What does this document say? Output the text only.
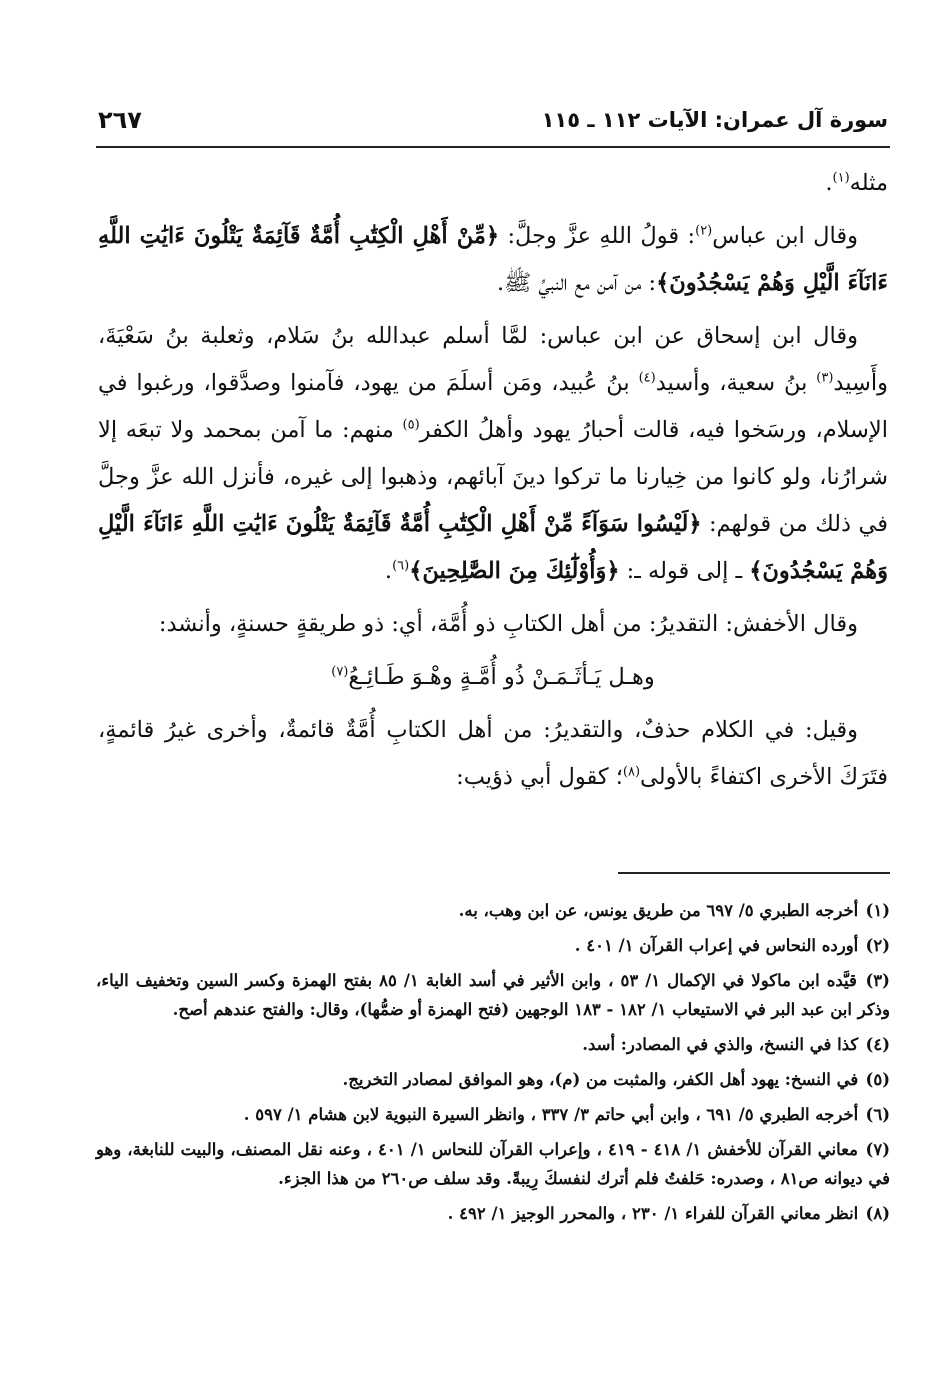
سورة آل عمران: الآيات ١١٢ ـ ١١٥
٢٦٧

مثله$^{(١)}$.

وقال ابن عباس$^{(٢)}$: قولُ اللهِ عزَّ وجلَّ: ﴿مِّنْ أَهْلِ الْكِتَٰبِ أُمَّةٌ قَآئِمَةٌ يَتْلُونَ ءَايَٰتِ اللَّهِ ءَانَآءَ الَّيْلِ وَهُمْ يَسْجُدُونَ﴾: من آمن مع النبيِّ ﷺ.

وقال ابن إسحاق عن ابن عباس: لمَّا أسلم عبدالله بنُ سَلام، وثعلبة بنُ سَعْيَةَ، وأَسِيد$^{(٣)}$ بنُ سعية، وأسيد$^{(٤)}$ بنُ عُبيد، ومَن أسلَمَ من يهود، فآمنوا وصدَّقوا، ورغبوا في الإسلام، ورسَخوا فيه، قالت أحبارُ يهود وأهلُ الكفر$^{(٥)}$ منهم: ما آمن بمحمد ولا تبعَه إلا شرارُنا، ولو كانوا من خِيارنا ما تركوا دينَ آبائهم، وذهبوا إلى غيره، فأنزل الله عزَّ وجلَّ في ذلك من قولهم: ﴿لَيْسُوا سَوَآءً مِّنْ أَهْلِ الْكِتَٰبِ أُمَّةٌ قَآئِمَةٌ يَتْلُونَ ءَايَٰتِ اللَّهِ ءَانَآءَ الَّيْلِ وَهُمْ يَسْجُدُونَ﴾ ـ إلى قوله ـ: ﴿وَأُوْلَٰٓئِكَ مِنَ الصَّٰلِحِينَ﴾$^{(٦)}$.

وقال الأخفش: التقديرُ: من أهل الكتابِ ذو أُمَّة، أي: ذو طريقةٍ حسنةٍ، وأنشد:

وهـل يَـأثَـمَـنْ ذُو أُمَّـةٍ وهْـوَ طَـائِـعُ$^{(٧)}$

وقيل: في الكلام حذفٌ، والتقديرُ: من أهل الكتابِ أُمَّةٌ قائمةٌ، وأخرى غيرُ قائمةٍ، فتَرَكَ الأخرى اكتفاءً بالأولى$^{(٨)}$؛ كقول أبي ذؤيب:

(١) أخرجه الطبري ٥/ ٦٩٧ من طريق يونس، عن ابن وهب، به.
(٢) أورده النحاس في إعراب القرآن ١/ ٤٠١ .
(٣) قيَّده ابن ماكولا في الإكمال ١/ ٥٣ ، وابن الأثير في أسد الغابة ١/ ٨٥ بفتح الهمزة وكسر السين وتخفيف الياء، وذكر ابن عبد البر في الاستيعاب ١/ ١٨٢ - ١٨٣ الوجهين (فتح الهمزة أو ضمُّها)، وقال: والفتح عندهم أصح.
(٤) كذا في النسخ، والذي في المصادر: أسد.
(٥) في النسخ: يهود أهل الكفر، والمثبت من (م)، وهو الموافق لمصادر التخريج.
(٦) أخرجه الطبري ٥/ ٦٩١ ، وابن أبي حاتم ٣/ ٣٣٧ ، وانظر السيرة النبوية لابن هشام ١/ ٥٩٧ .
(٧) معاني القرآن للأخفش ١/ ٤١٨ - ٤١٩ ، وإعراب القرآن للنحاس ١/ ٤٠١ ، وعنه نقل المصنف، والبيت للنابغة، وهو في ديوانه ص٨١ ، وصدره: حَلفتُ فلم أترك لنفسكَ رِيبةً. وقد سلف ص٢٦٠ من هذا الجزء.
(٨) انظر معاني القرآن للفراء ١/ ٢٣٠ ، والمحرر الوجيز ١/ ٤٩٢ .
